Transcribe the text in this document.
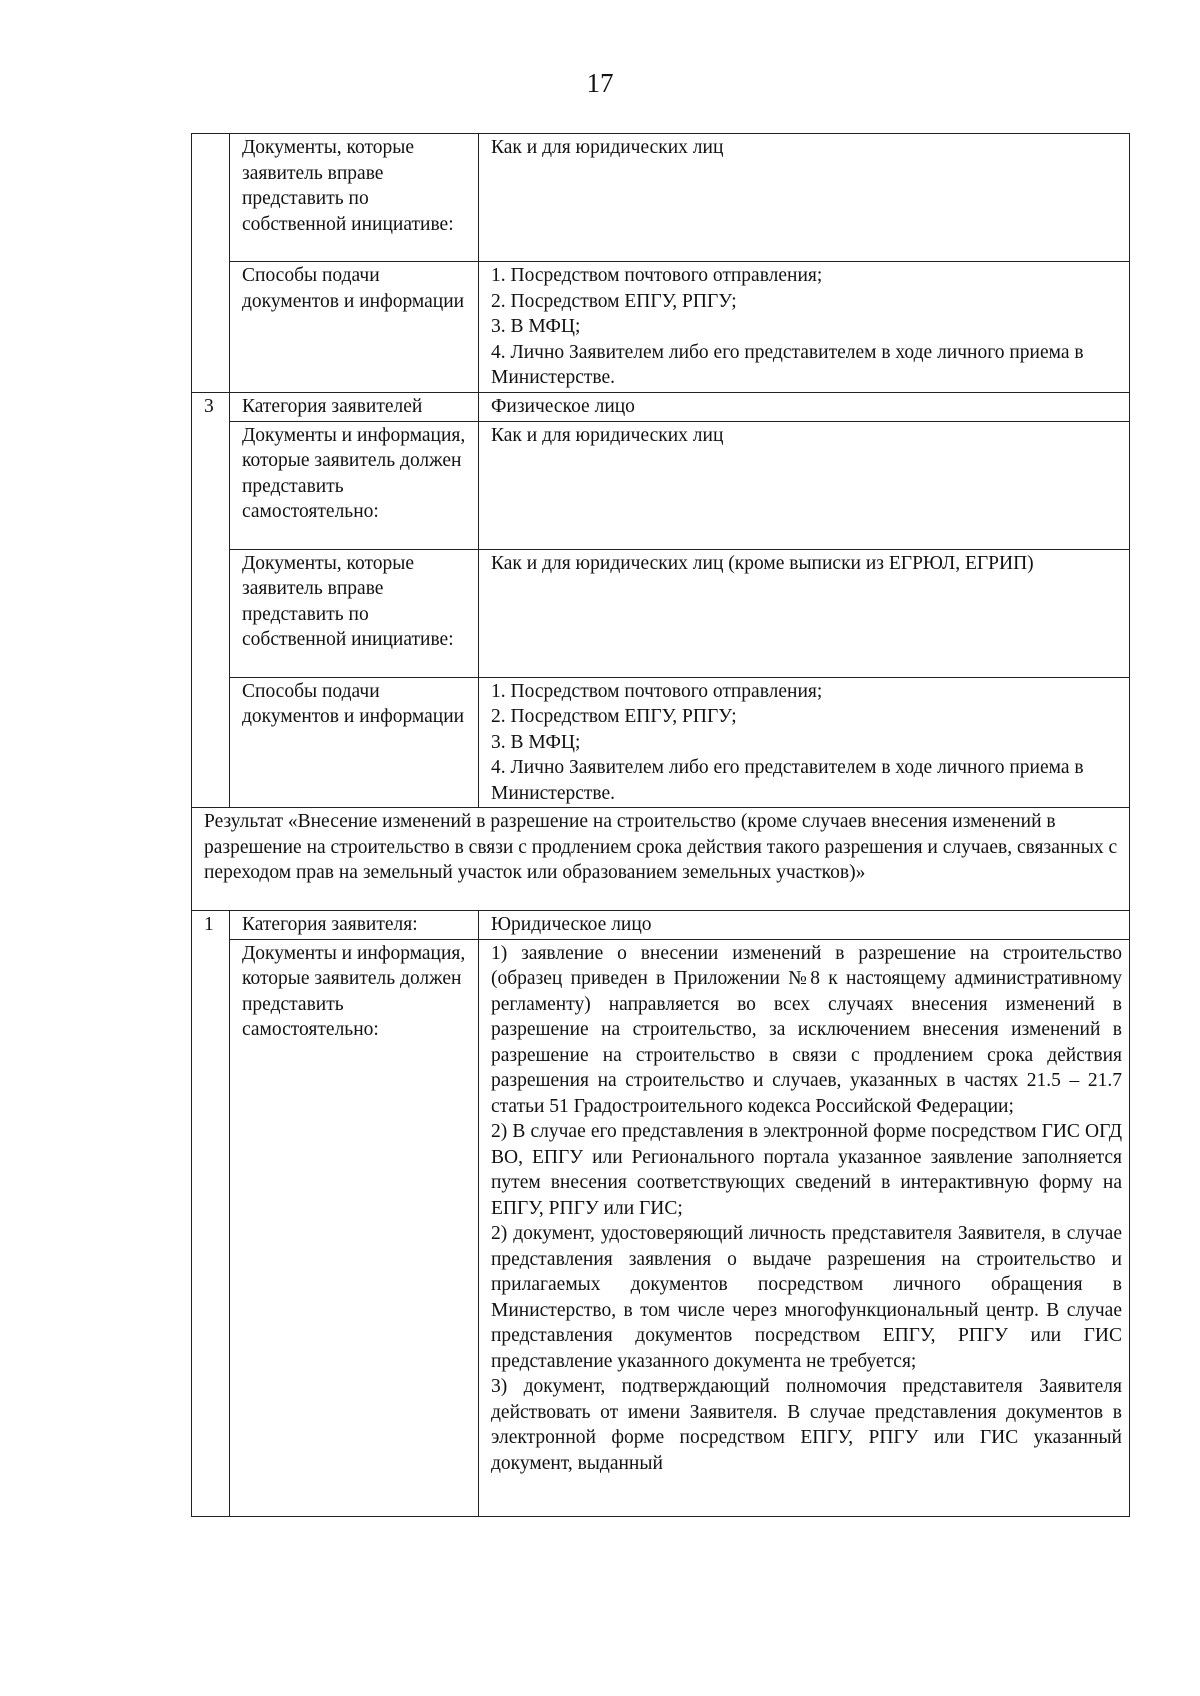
17
	Документы, которые заявитель вправе представить по собственной инициативе:	Как и для юридических лиц
	Способы подачи документов и информации	1. Посредством почтового отправления;
2. Посредством ЕПГУ, РПГУ;
3. В МФЦ;
4. Лично Заявителем либо его представителем в ходе личного приема в Министерстве.

3	Категория заявителей	Физическое лицо
	Документы и информация, которые заявитель должен представить самостоятельно:	Как и для юридических лиц
	Документы, которые заявитель вправе представить по собственной инициативе:	Как и для юридических лиц (кроме выписки из ЕГРЮЛ, ЕГРИП)
	Способы подачи документов и информации	1. Посредством почтового отправления;
2. Посредством ЕПГУ, РПГУ;
3. В МФЦ;
4. Лично Заявителем либо его представителем в ходе личного приема в Министерстве.

Результат «Внесение изменений в разрешение на строительство (кроме случаев внесения изменений в разрешение на строительство в связи с продлением срока действия такого разрешения и случаев, связанных с переходом прав на земельный участок или образованием земельных участков)»		
1	Категория заявителя:	Юридическое лицо
	Документы и информация, которые заявитель должен представить самостоятельно:	1) заявление о внесении изменений в разрешение на строительство (образец приведен в Приложении №8 к настоящему административному регламенту) направляется во всех случаях внесения изменений в разрешение на строительство, за исключением внесения изменений в разрешение на строительство в связи с продлением срока действия разрешения на строительство и случаев, указанных в частях 21.5 – 21.7 статьи 51 Градостроительного кодекса Российской Федерации;
2) В случае его представления в электронной форме посредством ГИС ОГД ВО, ЕПГУ или Регионального портала указанное заявление заполняется путем внесения соответствующих сведений в интерактивную форму на ЕПГУ, РПГУ или ГИС;
2) документ, удостоверяющий личность представителя Заявителя, в случае представления заявления о выдаче разрешения на строительство и прилагаемых документов посредством личного обращения в Министерство, в том числе через многофункциональный центр. В случае представления документов посредством ЕПГУ, РПГУ или ГИС представление указанного документа не требуется;
3) документ, подтверждающий полномочия представителя Заявителя действовать от имени Заявителя. В случае представления документов в электронной форме посредством ЕПГУ, РПГУ или ГИС указанный документ, выданный
